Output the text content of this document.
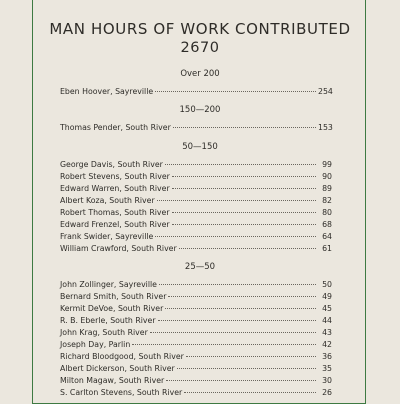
MAN HOURS OF WORK CONTRIBUTED
2670
Over 200
Eben Hoover, Sayreville	254
150—200
Thomas Pender, South River	153
50—150
George Davis, South River	99
Robert Stevens, South River	90
Edward Warren, South River	89
Albert Koza, South River	82
Robert Thomas, South River	80
Edward Frenzel, South River	68
Frank Swider, Sayreville	64
William Crawford, South River	61
25—50
John Zollinger, Sayreville	50
Bernard Smith, South River	49
Kermit DeVoe, South River	45
R. B. Eberle, South River	44
John Krag, South River	43
Joseph Day, Parlin	42
Richard Bloodgood, South River	36
Albert Dickerson, South River	35
Milton Magaw, South River	30
S. Carlton Stevens, South River	26
